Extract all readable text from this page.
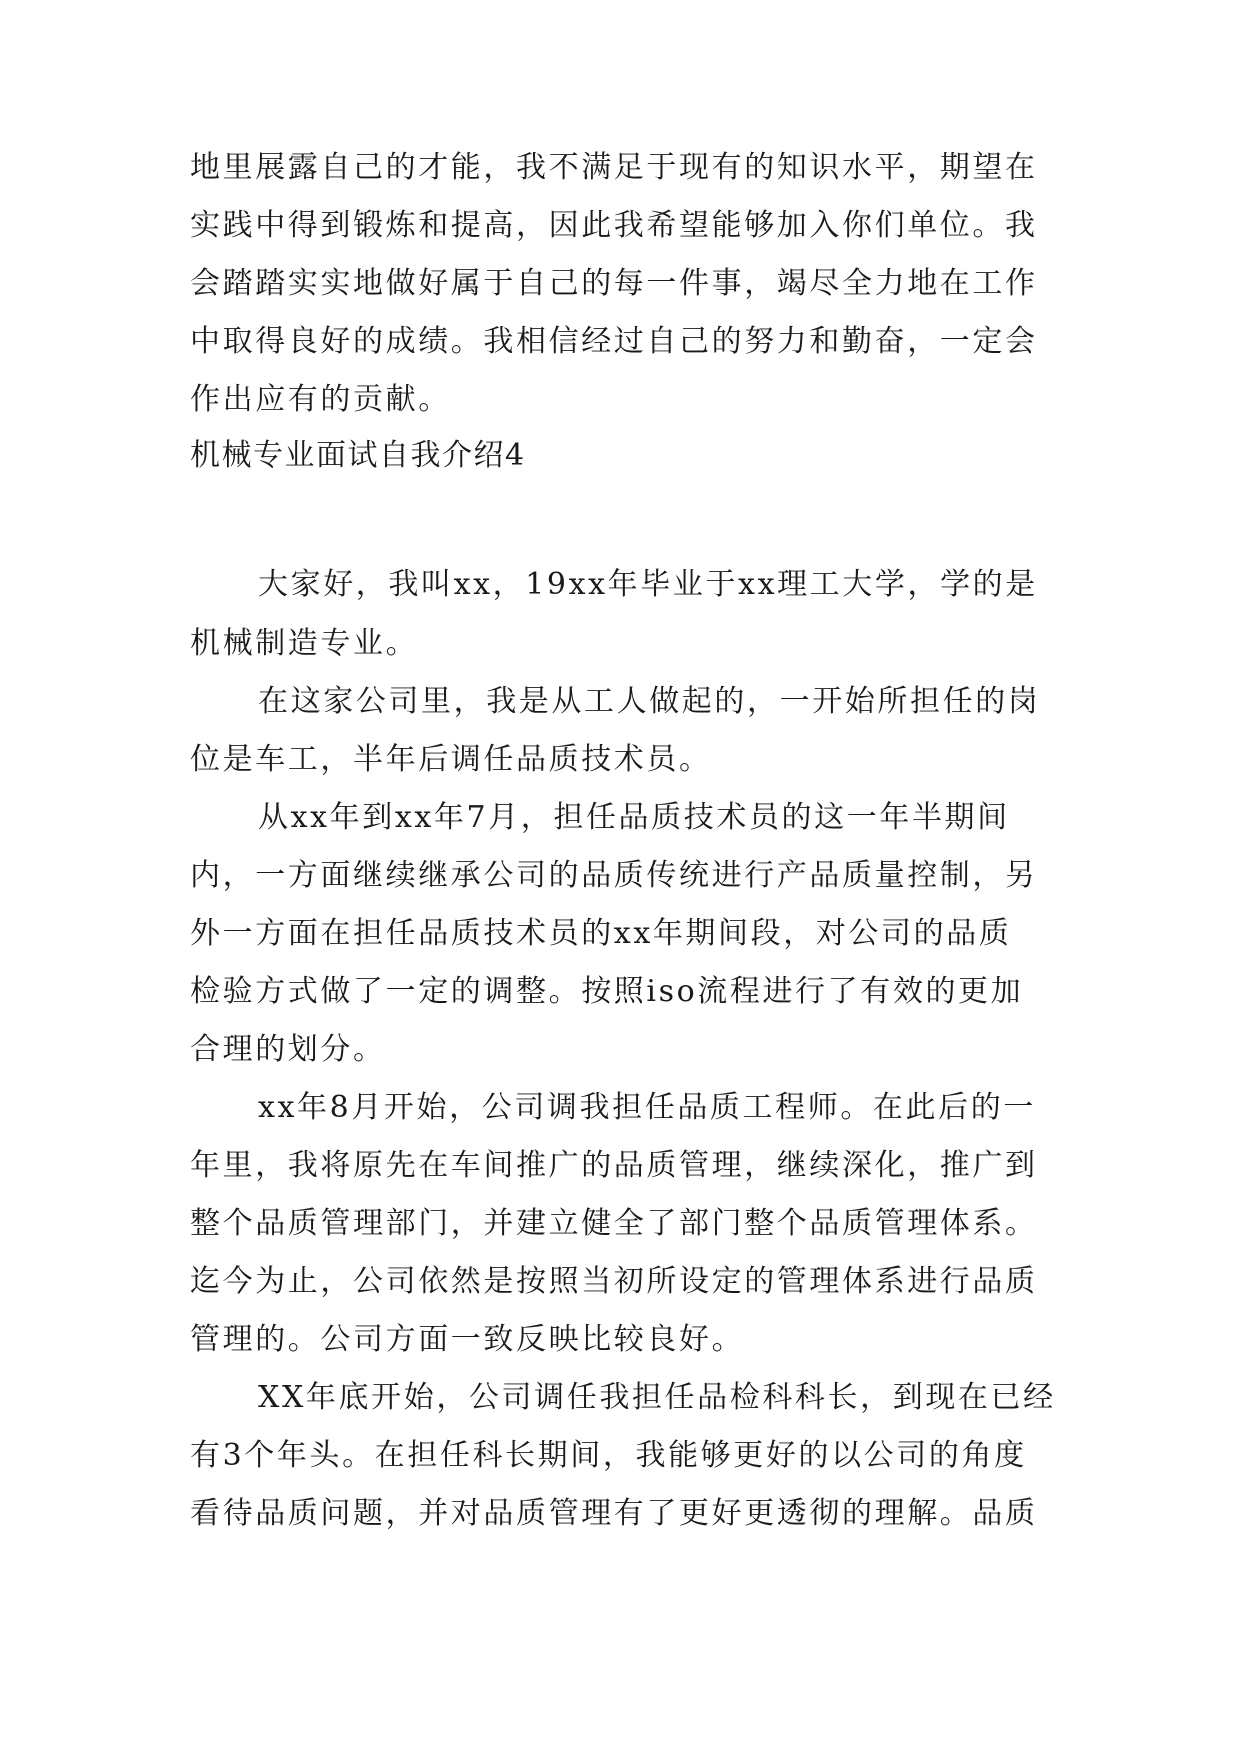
地里展露自己的才能，我不满足于现有的知识水平，期望在
实践中得到锻炼和提高，因此我希望能够加入你们单位。我
会踏踏实实地做好属于自己的每一件事，竭尽全力地在工作
中取得良好的成绩。我相信经过自己的努力和勤奋，一定会
作出应有的贡献。
机械专业面试自我介绍4
大家好，我叫xx，19xx年毕业于xx理工大学，学的是
机械制造专业。
在这家公司里，我是从工人做起的，一开始所担任的岗
位是车工，半年后调任品质技术员。
从xx年到xx年7月，担任品质技术员的这一年半期间
内，一方面继续继承公司的品质传统进行产品质量控制，另
外一方面在担任品质技术员的xx年期间段，对公司的品质
检验方式做了一定的调整。按照iso流程进行了有效的更加
合理的划分。
xx年8月开始，公司调我担任品质工程师。在此后的一
年里，我将原先在车间推广的品质管理，继续深化，推广到
整个品质管理部门，并建立健全了部门整个品质管理体系。
迄今为止，公司依然是按照当初所设定的管理体系进行品质
管理的。公司方面一致反映比较良好。
XX年底开始，公司调任我担任品检科科长，到现在已经
有3个年头。在担任科长期间，我能够更好的以公司的角度
看待品质问题，并对品质管理有了更好更透彻的理解。品质
